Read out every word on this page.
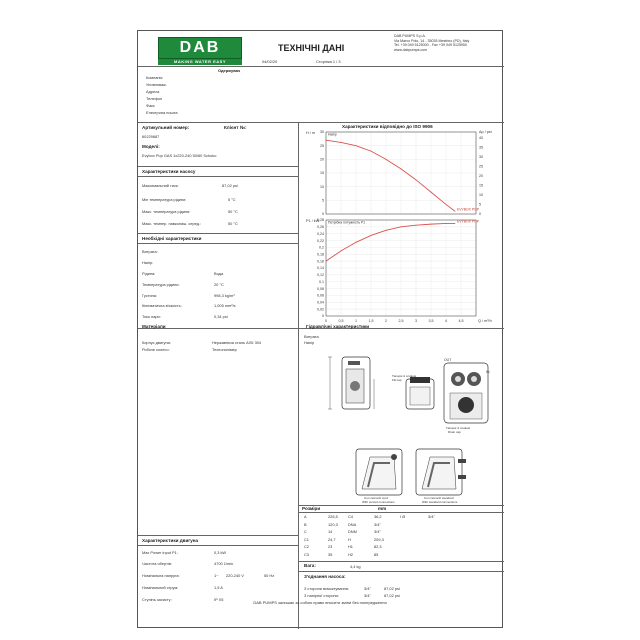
DAB
MAKING WATER EASY
ТЕХНІЧНІ ДАНІ
04/02/20	Сторінка 1 / 3
DAB PUMPS S.p.A.
Via Marco Polo, 14 - 35035 Mestrino (PD), Italy
Tel. +39 049 5125000 - Fax +39 049 5125950
www.dabpumps.com
Одержувач
Компанія
Уповноваж.
Адреса
Телефон
Факс
Електрона пошта
Артикульний номер:	Клієнт №:
60229687
Моделі:
Evybox Pop GAS 1x220-240 50/60 Schuko
Характеристики насосу
Максимальний тиск:	87,02 psi
Мін температура рідини:	5 °C
Макс. температура рідини:	50 °C
Макс. темпер. навколиш. серед.:	50 °C
Необхідні характеристики
Витрата:
Напір:
Рідина:	Вода
Температура рідини:	20 °C
Густина:	998,3 kg/m³
Кінематична в'язкість:	1,005 mm²/s
Тиск пари:	0,34 psi
Характеристики відповідно до ISO 9906
0
5
10
15
20
25
30
H / m
0
5
10
15
20
25
30
35
40
Δp / psi
EVYBOX POP
Напір
0
0,02
0,04
0,06
0,08
0,1
0,12
0,14
0,16
0,18
0,2
0,22
0,24
0,26
0,28
P1 / kW
0	0,5	1	1,5	2	2,5	3	3,5	4	4,5	Q / m³/h
EVYBOX POP
Потрібна потужність P1
Матеріали
Корпус двигуна:	Нержавіюча сталь AISI 304
Робоче колесо:	Технополімер
Гідравлічні характеристики
Витрата
Напір
Тапорік зі зливом
Fill cap
OUT
IN
Тапорік зі зливом
Drain cap
Con raccordi curvi
With curved connections
Con raccordi standard
With standard connections
Розміри	mm
Вага:	4,4 kg
З'єднання насоса:
З сторони всмоктування:	3/4"	87,02 psi
З напірної сторони:	3/4"	87,02 psi
Характеристики двигуна
Max Power input P1:	0,3 kW
Частота обертів:	4700 1/min
Номінальна напруга:	1~ 220-240 V	50 Hz
Номінальний струм:	1,5 A
Ступінь захисту:	IP X5
A	226,5	C4	36,2	I Ø	3/4"
B	120,3	DNA	3/4"
C	14	DNM	3/4"
C1	24,7	H	209,3
C2	23	H1	82,3
C3	35	H2	85
DAB PUMPS залишає за собою право вносити зміни без попередження
